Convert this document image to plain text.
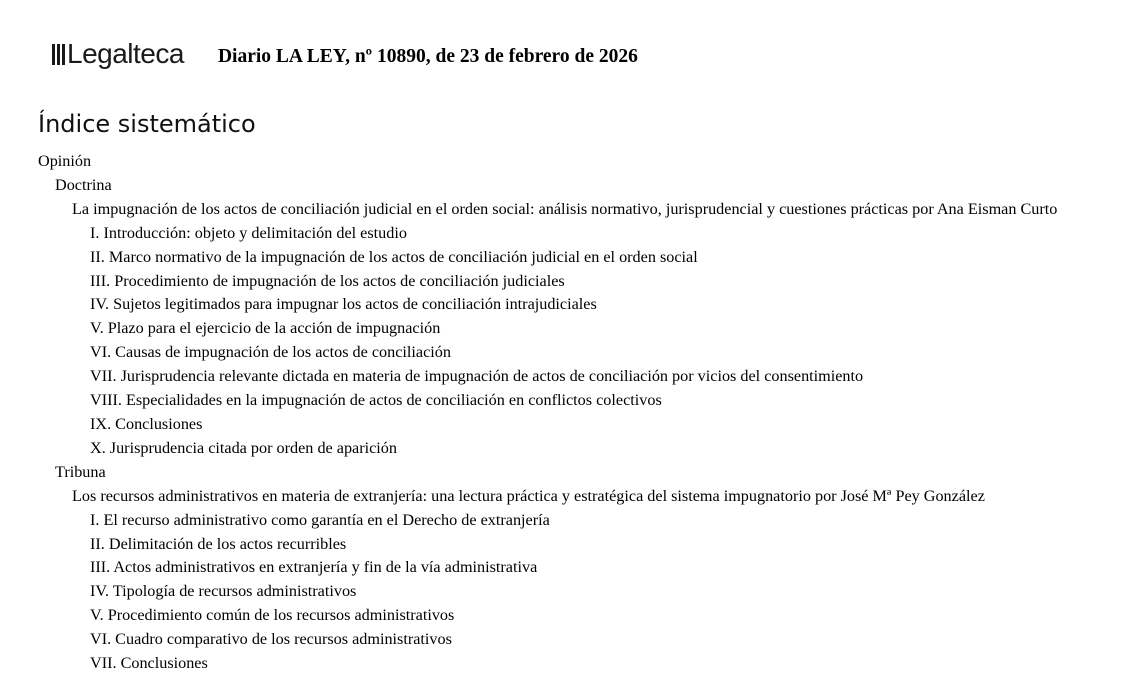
Legalteca Diario LA LEY, nº 10890, de 23 de febrero de 2026
Índice sistemático
Opinión
Doctrina
La impugnación de los actos de conciliación judicial en el orden social: análisis normativo, jurisprudencial y cuestiones prácticas por Ana Eisman Curto
I. Introducción: objeto y delimitación del estudio
II. Marco normativo de la impugnación de los actos de conciliación judicial en el orden social
III. Procedimiento de impugnación de los actos de conciliación judiciales
IV. Sujetos legitimados para impugnar los actos de conciliación intrajudiciales
V. Plazo para el ejercicio de la acción de impugnación
VI. Causas de impugnación de los actos de conciliación
VII. Jurisprudencia relevante dictada en materia de impugnación de actos de conciliación por vicios del consentimiento
VIII. Especialidades en la impugnación de actos de conciliación en conflictos colectivos
IX. Conclusiones
X. Jurisprudencia citada por orden de aparición
Tribuna
Los recursos administrativos en materia de extranjería: una lectura práctica y estratégica del sistema impugnatorio por José Mª Pey González
I. El recurso administrativo como garantía en el Derecho de extranjería
II. Delimitación de los actos recurribles
III. Actos administrativos en extranjería y fin de la vía administrativa
IV. Tipología de recursos administrativos
V. Procedimiento común de los recursos administrativos
VI. Cuadro comparativo de los recursos administrativos
VII. Conclusiones
